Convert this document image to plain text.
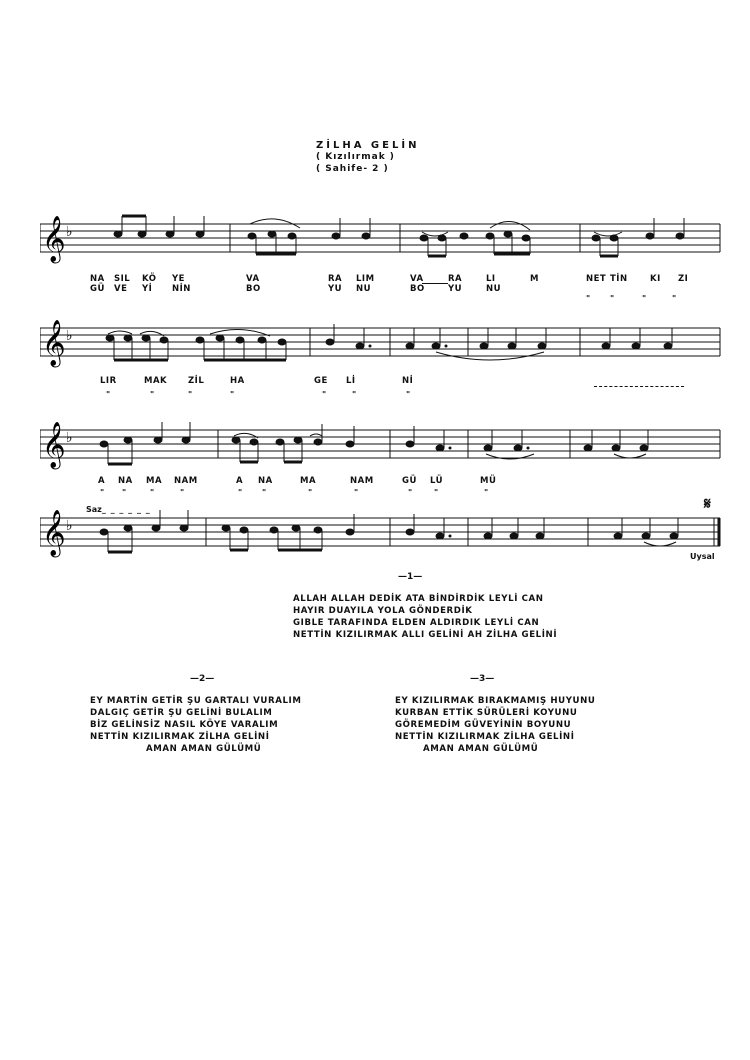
ZİLHA GELİN
( Kızılırmak )
( Sahife- 2 )
𝄞 ♭
NA SIL KÖ YE	VA	RA LIM	VA	RA	LI	M	NET TİN	KI ZI
GÜ VE Yİ NİN	BO	YU NU	BO	YU	NU
" "	"	"
𝄞 ♭
LIR	MAK ZİL	HA	GE Lİ	Nİ
"	"	"	"	"	"	"
𝄞 ♭
A NA MA NAM	A NA	MA	NAM	GÜ LÜ	MÜ
" "	"	"	" "	"	"	"	"	"
Saz_ _ _ _ _ _	𝄋
𝄞 ♭
Uysal
—1—
ALLAH ALLAH DEDİK ATA BİNDİRDİK LEYLİ CAN
HAYIR DUAYILA YOLA GÖNDERDİK
GIBLE TARAFINDA ELDEN ALDIRDIK LEYLİ CAN
NETTİN KIZILIRMAK ALLI GELİNİ AH ZİLHA GELİNİ
—2—
EY MARTİN GETİR ŞU GARTALI VURALIM
DALGIÇ GETİR ŞU GELİNİ BULALIM
BİZ GELİNSİZ NASIL KÖYE VARALIM
NETTİN KIZILIRMAK ZİLHA GELİNİ
AMAN AMAN GÜLÜMÜ
—3—
EY KIZILIRMAK BIRAKMAMIŞ HUYUNU
KURBAN ETTİK SÜRÜLERİ KOYUNU
GÖREMEDİM GÜVEYİNİN BOYUNU
NETTİN KIZILIRMAK ZİLHA GELİNİ
AMAN AMAN GÜLÜMÜ
